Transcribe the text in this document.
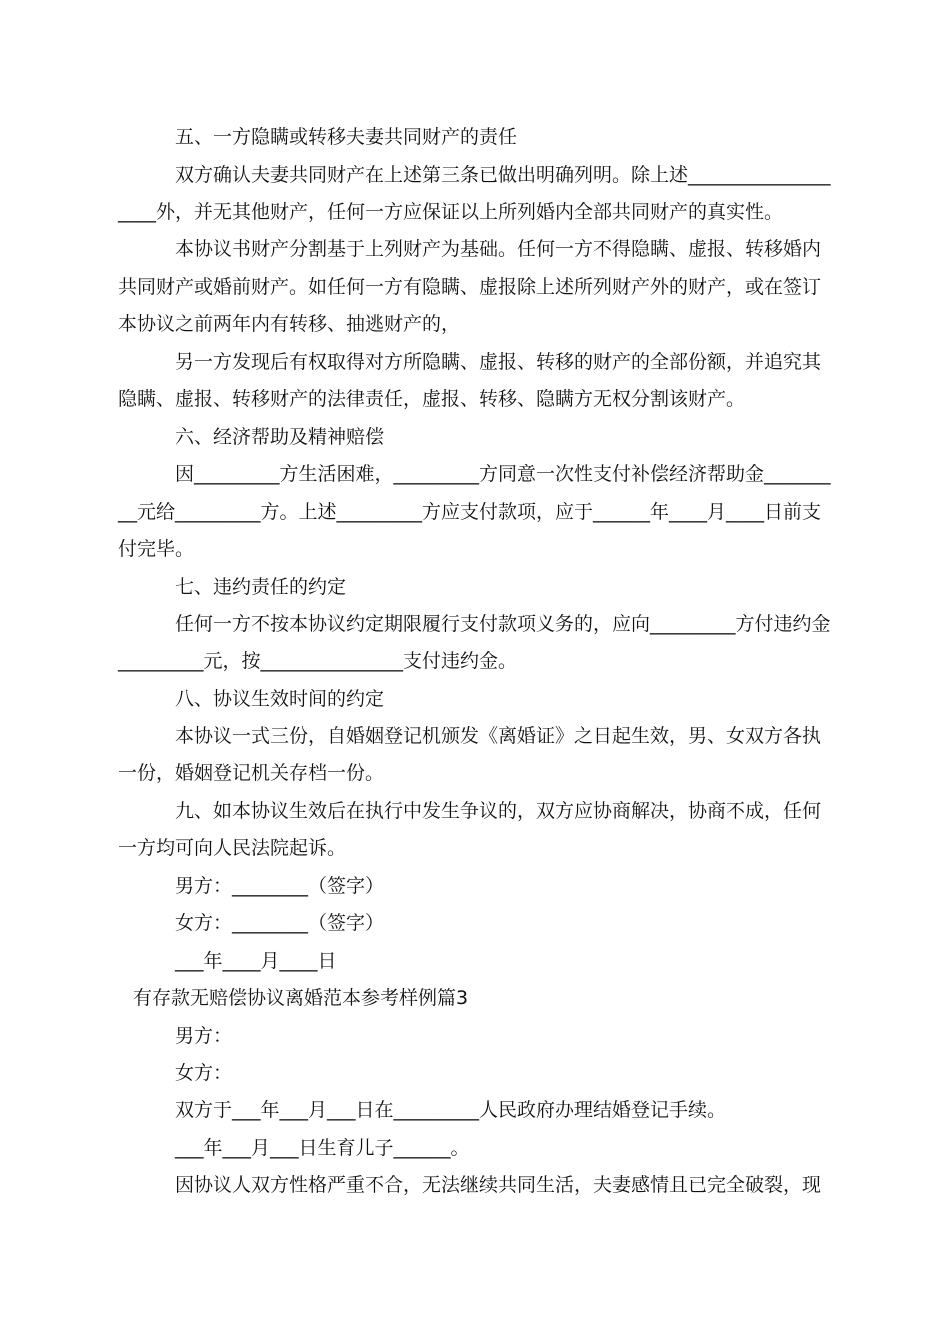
五、一方隐瞒或转移夫妻共同财产的责任
双方确认夫妻共同财产在上述第三条已做出明确列明。除上述_______________
____外，并无其他财产，任何一方应保证以上所列婚内全部共同财产的真实性。
本协议书财产分割基于上列财产为基础。任何一方不得隐瞒、虚报、转移婚内
共同财产或婚前财产。如任何一方有隐瞒、虚报除上述所列财产外的财产，或在签订
本协议之前两年内有转移、抽逃财产的，
另一方发现后有权取得对方所隐瞒、虚报、转移的财产的全部份额，并追究其
隐瞒、虚报、转移财产的法律责任，虚报、转移、隐瞒方无权分割该财产。
六、经济帮助及精神赔偿
因_________方生活困难，_________方同意一次性支付补偿经济帮助金_______
__元给_________方。上述_________方应支付款项，应于______年____月____日前支
付完毕。
七、违约责任的约定
任何一方不按本协议约定期限履行支付款项义务的，应向_________方付违约金
_________元，按_______________支付违约金。
八、协议生效时间的约定
本协议一式三份，自婚姻登记机颁发《离婚证》之日起生效，男、女双方各执
一份，婚姻登记机关存档一份。
九、如本协议生效后在执行中发生争议的，双方应协商解决，协商不成，任何
一方均可向人民法院起诉。
男方：________（签字）
女方：________（签字）
___年____月____日
有存款无赔偿协议离婚范本参考样例篇3
男方：
女方：
双方于___年___月___日在_________人民政府办理结婚登记手续。
___年___月___日生育儿子______。
因协议人双方性格严重不合，无法继续共同生活，夫妻感情且已完全破裂，现
